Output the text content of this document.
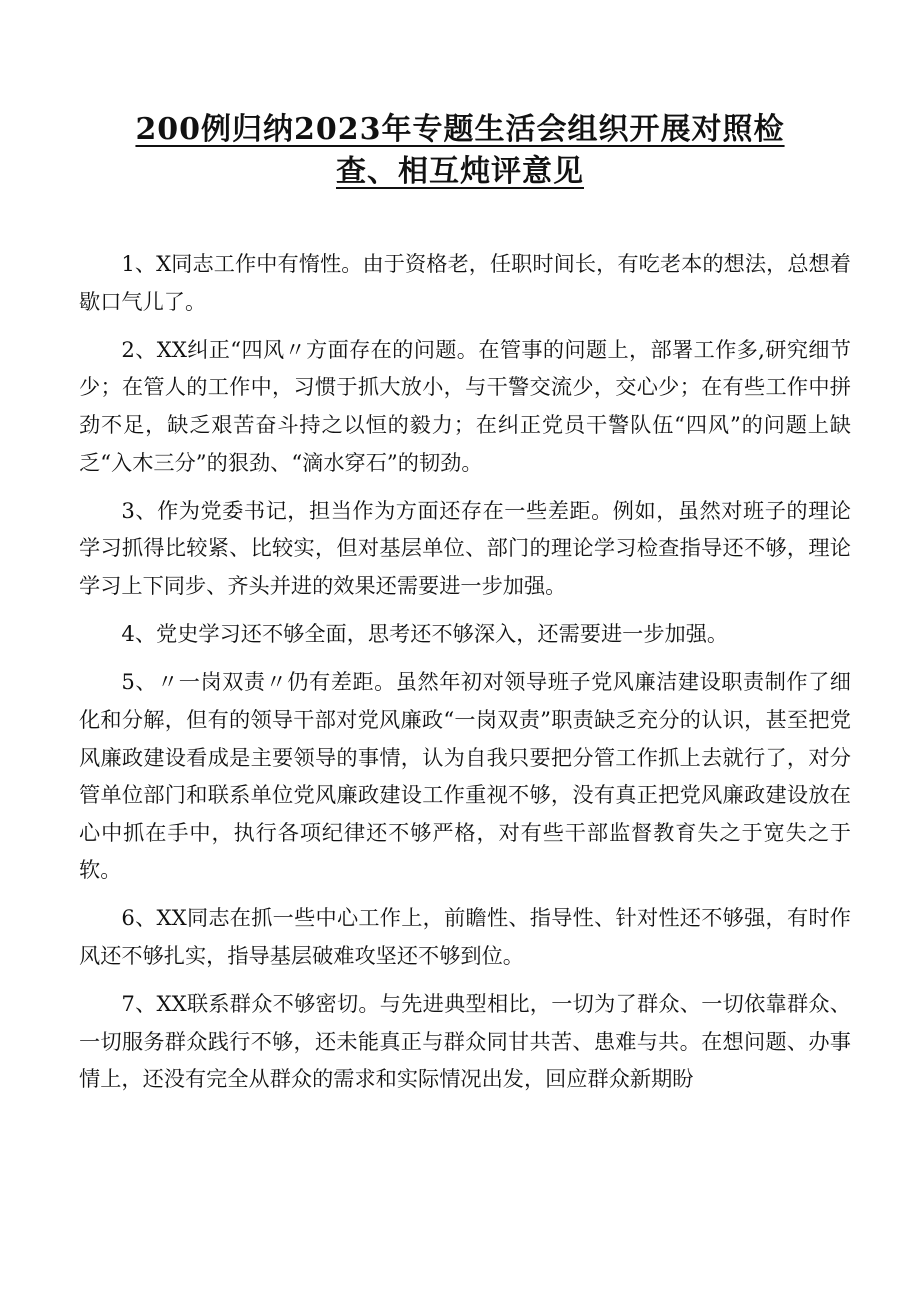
200例归纳2023年专题生活会组织开展对照检
查、相互炖评意见

1、X同志工作中有惰性。由于资格老，任职时间长，有吃老本的想法，总想着歇口气儿了。

2、XX纠正“四风〃方面存在的问题。在管事的问题上，部署工作多,研究细节少；在管人的工作中，习惯于抓大放小，与干警交流少，交心少；在有些工作中拼劲不足，缺乏艰苦奋斗持之以恒的毅力；在纠正党员干警队伍“四风”的问题上缺乏“入木三分”的狠劲、“滴水穿石”的韧劲。

3、作为党委书记，担当作为方面还存在一些差距。例如，虽然对班子的理论学习抓得比较紧、比较实，但对基层单位、部门的理论学习检查指导还不够，理论学习上下同步、齐头并进的效果还需要进一步加强。

4、党史学习还不够全面，思考还不够深入，还需要进一步加强。

5、〃一岗双责〃仍有差距。虽然年初对领导班子党风廉洁建设职责制作了细化和分解，但有的领导干部对党风廉政“一岗双责”职责缺乏充分的认识，甚至把党风廉政建设看成是主要领导的事情，认为自我只要把分管工作抓上去就行了，对分管单位部门和联系单位党风廉政建设工作重视不够，没有真正把党风廉政建设放在心中抓在手中，执行各项纪律还不够严格，对有些干部监督教育失之于宽失之于软。

6、XX同志在抓一些中心工作上，前瞻性、指导性、针对性还不够强，有时作风还不够扎实，指导基层破难攻坚还不够到位。

7、XX联系群众不够密切。与先进典型相比，一切为了群众、一切依靠群众、一切服务群众践行不够，还未能真正与群众同甘共苦、患难与共。在想问题、办事情上，还没有完全从群众的需求和实际情况出发，回应群众新期盼
